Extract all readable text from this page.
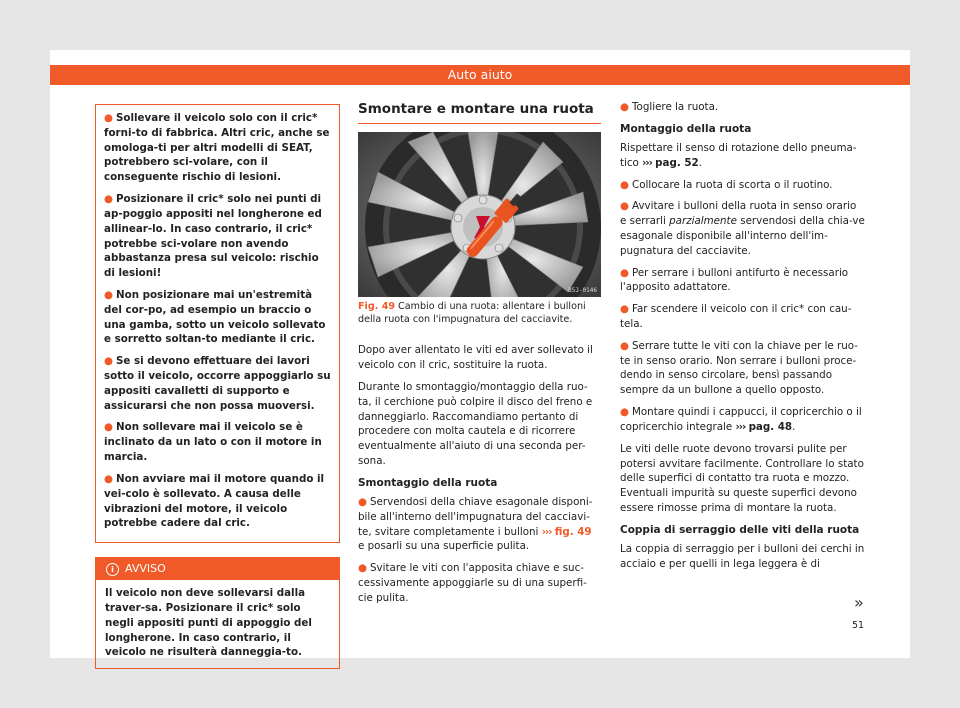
Auto aiuto

● Sollevare il veicolo solo con il cric* forni-to di fabbrica. Altri cric, anche se omologa-ti per altri modelli di SEAT, potrebbero sci-volare, con il conseguente rischio di lesioni.

● Posizionare il cric* solo nei punti di ap-poggio appositi nel longherone ed allinear-lo. In caso contrario, il cric* potrebbe sci-volare non avendo abbastanza presa sul veicolo: rischio di lesioni!

● Non posizionare mai un'estremità del cor-po, ad esempio un braccio o una gamba, sotto un veicolo sollevato e sorretto soltan-to mediante il cric.

● Se si devono effettuare dei lavori sotto il veicolo, occorre appoggiarlo su appositi cavalletti di supporto e assicurarsi che non possa muoversi.

● Non sollevare mai il veicolo se è inclinato da un lato o con il motore in marcia.

● Non avviare mai il motore quando il vei-colo è sollevato. A causa delle vibrazioni del motore, il veicolo potrebbe cadere dal cric.

i	AVVISO
Il veicolo non deve sollevarsi dalla traver-sa. Posizionare il cric* solo negli appositi punti di appoggio del longherone. In caso contrario, il veicolo ne risulterà danneggia-to.
Smontare e montare una ruota
B5J-0146
Fig. 49 Cambio di una ruota: allentare i bulloni della ruota con l'impugnatura del cacciavite.

Dopo aver allentato le viti ed aver sollevato il veicolo con il cric, sostituire la ruota.

Durante lo smontaggio/montaggio della ruo-ta, il cerchione può colpire il disco del freno e danneggiarlo. Raccomandiamo pertanto di procedere con molta cautela e di ricorrere eventualmente all'aiuto di una seconda per-sona.

Smontaggio della ruota

● Servendosi della chiave esagonale disponi-bile all'interno dell'impugnatura del cacciavi-te, svitare completamente i bulloni ››› fig. 49 e posarli su una superficie pulita.

● Svitare le viti con l'apposita chiave e suc-cessivamente appoggiarle su di una superfi-cie pulita.

● Togliere la ruota.

Montaggio della ruota

Rispettare il senso di rotazione dello pneuma-tico ››› pag. 52.

● Collocare la ruota di scorta o il ruotino.

● Avvitare i bulloni della ruota in senso orario e serrarli parzialmente servendosi della chia-ve esagonale disponibile all'interno dell'im-pugnatura del cacciavite.

● Per serrare i bulloni antifurto è necessario l'apposito adattatore.

● Far scendere il veicolo con il cric* con cau-tela.

● Serrare tutte le viti con la chiave per le ruo-te in senso orario. Non serrare i bulloni proce-dendo in senso circolare, bensì passando sempre da un bullone a quello opposto.

● Montare quindi i cappucci, il copricerchio o il copricerchio integrale ››› pag. 48.

Le viti delle ruote devono trovarsi pulite per potersi avvitare facilmente. Controllare lo stato delle superfici di contatto tra ruota e mozzo. Eventuali impurità su queste superfici devono essere rimosse prima di montare la ruota.

Coppia di serraggio delle viti della ruota

La coppia di serraggio per i bulloni dei cerchi in acciaio e per quelli in lega leggera è di

»
51
